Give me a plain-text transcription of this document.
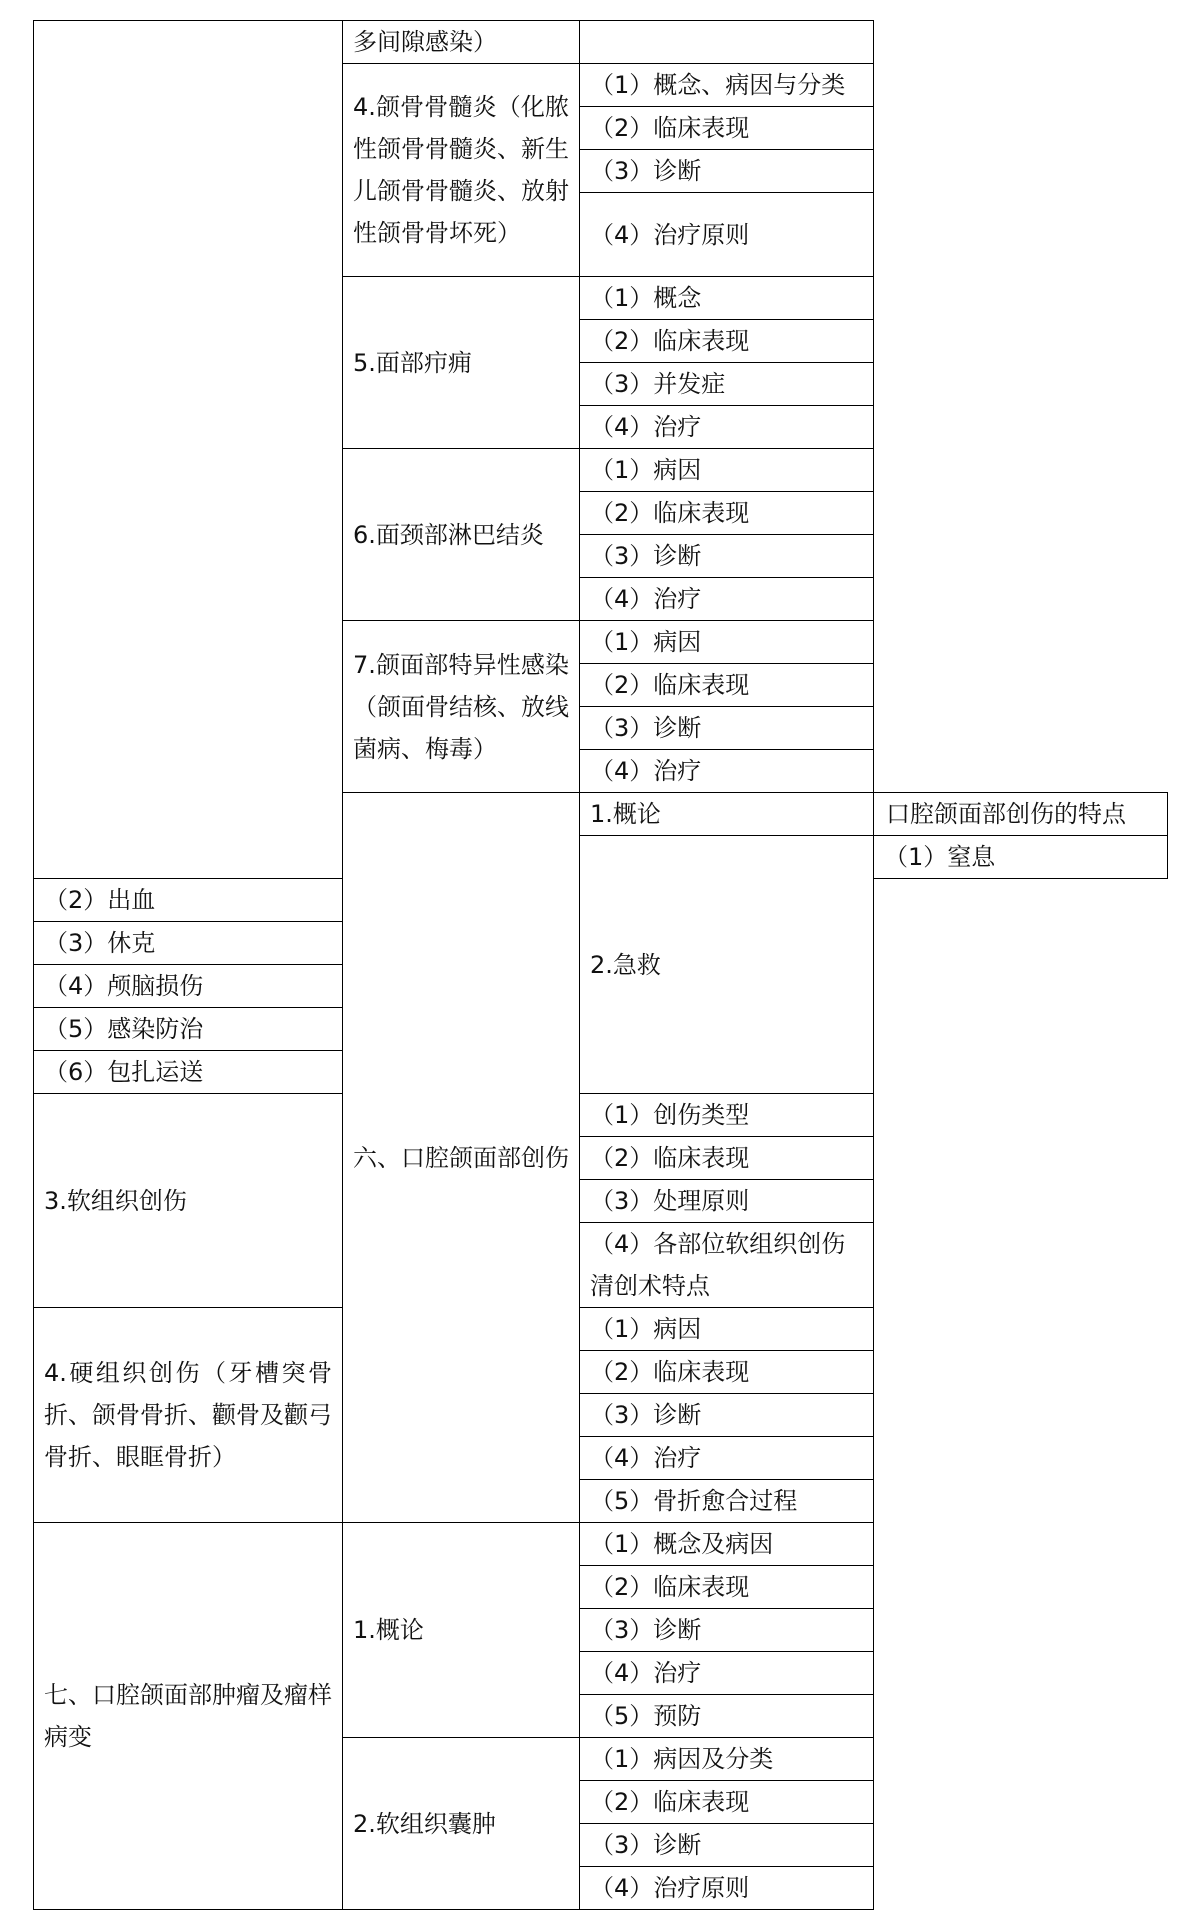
	多间隙感染）		
	4.颌骨骨髓炎（化脓性颌骨骨髓炎、新生儿颌骨骨髓炎、放射性颌骨骨坏死）	（1）概念、病因与分类	
		（2）临床表现	
		（3）诊断	
		（4）治疗原则	
	5.面部疖痈	（1）概念	
		（2）临床表现	
		（3）并发症	
		（4）治疗	
	6.面颈部淋巴结炎	（1）病因	
		（2）临床表现	
		（3）诊断	
		（4）治疗	
	7.颌面部特异性感染（颌面骨结核、放线菌病、梅毒）	（1）病因	
		（2）临床表现	
		（3）诊断	
		（4）治疗	
	六、口腔颌面部创伤	1.概论	口腔颌面部创伤的特点
		2.急救	（1）窒息
（2）出血			
（3）休克			
（4）颅脑损伤			
（5）感染防治			
（6）包扎运送			
3.软组织创伤		（1）创伤类型	
		（2）临床表现	
		（3）处理原则	
		（4）各部位软组织创伤清创术特点	
4.硬组织创伤（牙槽突骨折、颌骨骨折、颧骨及颧弓骨折、眼眶骨折）		（1）病因	
		（2）临床表现	
		（3）诊断	
		（4）治疗	
		（5）骨折愈合过程	
七、口腔颌面部肿瘤及瘤样病变	1.概论	（1）概念及病因	
		（2）临床表现	
		（3）诊断	
		（4）治疗	
		（5）预防	
	2.软组织囊肿	（1）病因及分类	
		（2）临床表现	
		（3）诊断	
		（4）治疗原则	
